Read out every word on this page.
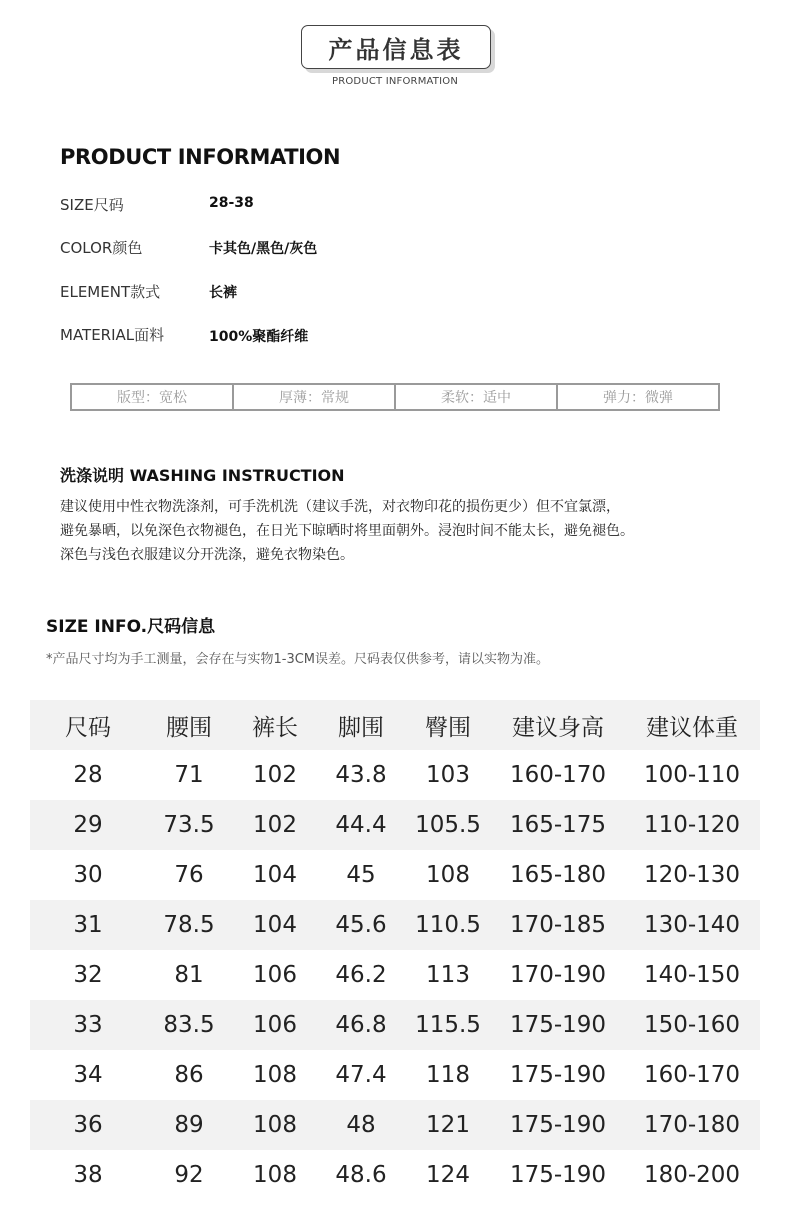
产品信息表
PRODUCT INFORMATION
PRODUCT INFORMATION
SIZE尺码	28-38
COLOR颜色	卡其色/黑色/灰色
ELEMENT款式	长裤
MATERIAL面料	100%聚酯纤维
版型：宽松	厚薄：常规	柔软：适中	弹力：微弹
洗涤说明 WASHING INSTRUCTION
建议使用中性衣物洗涤剂，可手洗机洗（建议手洗，对衣物印花的损伤更少）但不宜氯漂，
避免暴晒，以免深色衣物褪色，在日光下晾晒时将里面朝外。浸泡时间不能太长，避免褪色。
深色与浅色衣服建议分开洗涤，避免衣物染色。
SIZE INFO.尺码信息
*产品尺寸均为手工测量，会存在与实物1-3CM误差。尺码表仅供参考，请以实物为准。
尺码	腰围	裤长	脚围	臀围	建议身高	建议体重
28	71	102	43.8	103	160-170	100-110
29	73.5	102	44.4	105.5	165-175	110-120
30	76	104	45	108	165-180	120-130
31	78.5	104	45.6	110.5	170-185	130-140
32	81	106	46.2	113	170-190	140-150
33	83.5	106	46.8	115.5	175-190	150-160
34	86	108	47.4	118	175-190	160-170
36	89	108	48	121	175-190	170-180
38	92	108	48.6	124	175-190	180-200
